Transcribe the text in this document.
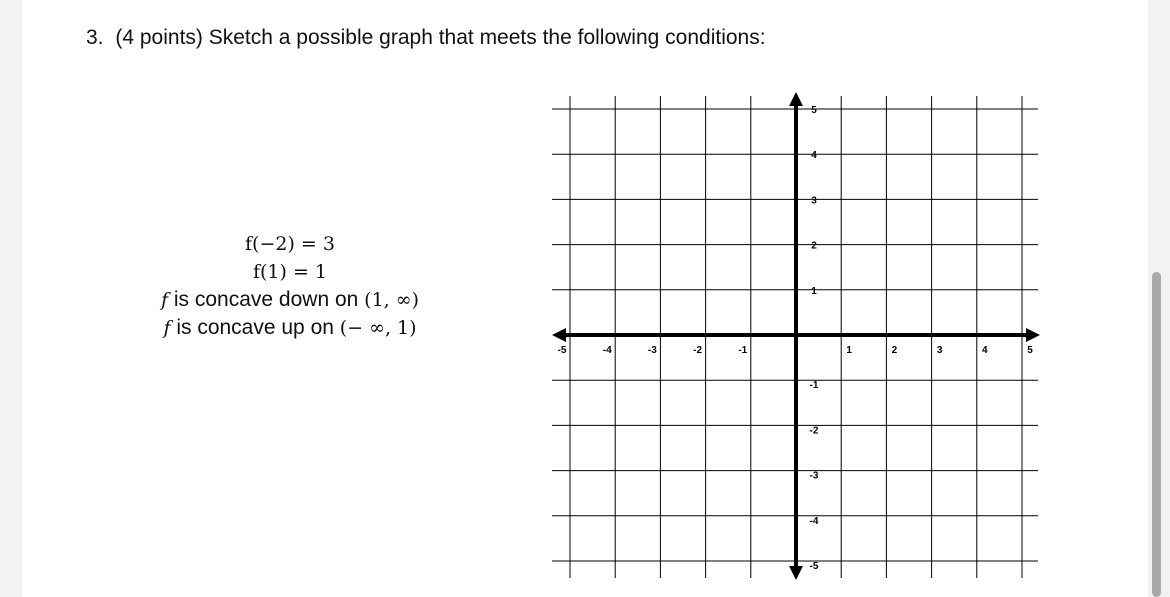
3. (4 points) Sketch a possible graph that meets the following conditions:
f(−2) = 3
f(1) = 1
f is concave down on (1, ∞)
f is concave up on (− ∞, 1)
-5	-4	-3	-2	-1	1	2	3	4	5
5
4
3
2
1
-1
-2
-3
-4
-5
